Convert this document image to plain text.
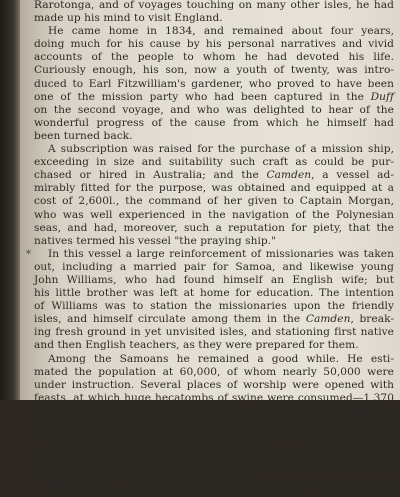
Rarotonga, and of voyages touching on many other isles, he had
made up his mind to visit England.
He came home in 1834, and remained about four years,
doing much for his cause by his personal narratives and vivid
accounts of the people to whom he had devoted his life.
Curiously enough, his son, now a youth of twenty, was intro-
duced to Earl Fitzwilliam's gardener, who proved to have been
one of the mission party who had been captured in the Duff
on the second voyage, and who was delighted to hear of the
wonderful progress of the cause from which he himself had
been turned back.
A subscription was raised for the purchase of a mission ship,
exceeding in size and suitability such craft as could be pur-
chased or hired in Australia; and the Camden, a vessel ad-
mirably fitted for the purpose, was obtained and equipped at a
cost of 2,600l., the command of her given to Captain Morgan,
who was well experienced in the navigation of the Polynesian
seas, and had, moreover, such a reputation for piety, that the
natives termed his vessel "the praying ship."
*	In this vessel a large reinforcement of missionaries was taken
out, including a married pair for Samoa, and likewise young
John Williams, who had found himself an English wife; but
his little brother was left at home for education. The intention
of Williams was to station the missionaries upon the friendly
isles, and himself circulate among them in the Camden, break-
ing fresh ground in yet unvisited isles, and stationing first native
and then English teachers, as they were prepared for them.
Among the Samoans he remained a good while. He esti-
mated the population at 60,000, of whom nearly 50,000 were
under instruction. Several places of worship were opened with
feasts, at which huge hecatombs of swine were consumed—1,370
at one festival. One young chief under instruction became so
good a preacher, that Williams called him the Whitfield of
Samoa; and these islands have, under the training then set on
foot, furnished many a missionary and even martyr to the isles
around, and are, to the present day, one of the happiest speci-
mens of the effects of missionary labour.
The want of extended views in good Mr. Williams was
